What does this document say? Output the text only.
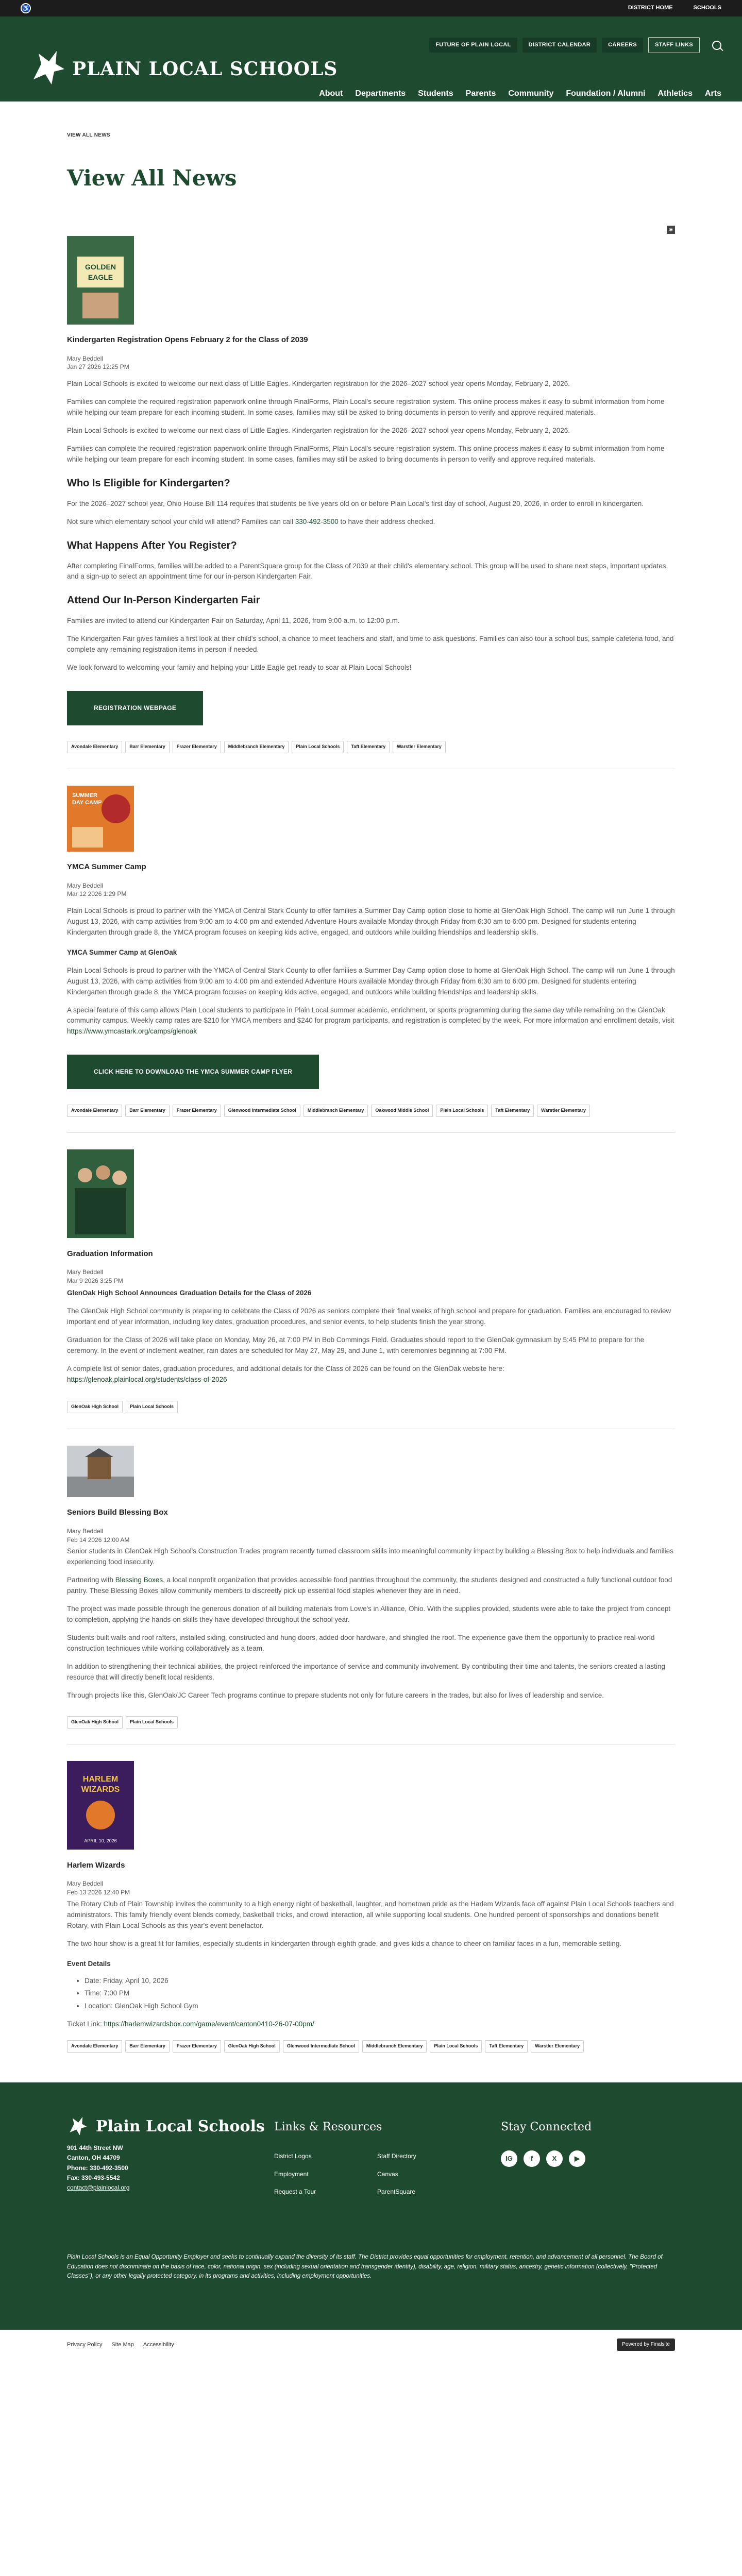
♿	DISTRICT HOME	SCHOOLS
FUTURE OF PLAIN LOCAL	DISTRICT CALENDAR	CAREERS	STAFF LINKS
PLAIN LOCAL SCHOOLS
About Departments Students Parents Community Foundation / Alumni Athletics Arts
VIEW ALL NEWS
View All News
◉
GOLDEN
EAGLE
Kindergarten Registration Opens February 2 for the Class of 2039
Mary Beddell
Jan 27 2026 12:25 PM

Plain Local Schools is excited to welcome our next class of Little Eagles. Kindergarten registration for the 2026–2027 school year opens Monday, February 2, 2026.

Families can complete the required registration paperwork online through FinalForms, Plain Local's secure registration system. This online process makes it easy to submit information from home while helping our team prepare for each incoming student. In some cases, families may still be asked to bring documents in person to verify and approve required materials.

Plain Local Schools is excited to welcome our next class of Little Eagles. Kindergarten registration for the 2026–2027 school year opens Monday, February 2, 2026.

Families can complete the required registration paperwork online through FinalForms, Plain Local's secure registration system. This online process makes it easy to submit information from home while helping our team prepare for each incoming student. In some cases, families may still be asked to bring documents in person to verify and approve required materials.

Who Is Eligible for Kindergarten?

For the 2026–2027 school year, Ohio House Bill 114 requires that students be five years old on or before Plain Local's first day of school, August 20, 2026, in order to enroll in kindergarten.

Not sure which elementary school your child will attend? Families can call 330-492-3500 to have their address checked.

What Happens After You Register?

After completing FinalForms, families will be added to a ParentSquare group for the Class of 2039 at their child's elementary school. This group will be used to share next steps, important updates, and a sign-up to select an appointment time for our in-person Kindergarten Fair.

Attend Our In-Person Kindergarten Fair

Families are invited to attend our Kindergarten Fair on Saturday, April 11, 2026, from 9:00 a.m. to 12:00 p.m.

The Kindergarten Fair gives families a first look at their child's school, a chance to meet teachers and staff, and time to ask questions. Families can also tour a school bus, sample cafeteria food, and complete any remaining registration items in person if needed.

We look forward to welcoming your family and helping your Little Eagle get ready to soar at Plain Local Schools!

REGISTRATION WEBPAGE
Avondale Elementary	Barr Elementary	Frazer Elementary	Middlebranch Elementary	Plain Local Schools	Taft Elementary	Warstler Elementary
SUMMER
DAY CAMP
YMCA Summer Camp
Mary Beddell
Mar 12 2026 1:29 PM

Plain Local Schools is proud to partner with the YMCA of Central Stark County to offer families a Summer Day Camp option close to home at GlenOak High School. The camp will run June 1 through August 13, 2026, with camp activities from 9:00 am to 4:00 pm and extended Adventure Hours available Monday through Friday from 6:30 am to 6:00 pm. Designed for students entering Kindergarten through grade 8, the YMCA program focuses on keeping kids active, engaged, and outdoors while building friendships and leadership skills.

YMCA Summer Camp at GlenOak

Plain Local Schools is proud to partner with the YMCA of Central Stark County to offer families a Summer Day Camp option close to home at GlenOak High School. The camp will run June 1 through August 13, 2026, with camp activities from 9:00 am to 4:00 pm and extended Adventure Hours available Monday through Friday from 6:30 am to 6:00 pm. Designed for students entering Kindergarten through grade 8, the YMCA program focuses on keeping kids active, engaged, and outdoors while building friendships and leadership skills.

A special feature of this camp allows Plain Local students to participate in Plain Local summer academic, enrichment, or sports programming during the same day while remaining on the GlenOak community campus. Weekly camp rates are $210 for YMCA members and $240 for program participants, and registration is completed by the week. For more information and enrollment details, visit https://www.ymcastark.org/camps/glenoak

CLICK HERE TO DOWNLOAD THE YMCA SUMMER CAMP FLYER
Avondale Elementary	Barr Elementary	Frazer Elementary	Glenwood Intermediate School	Middlebranch Elementary	Oakwood Middle School	Plain Local Schools	Taft Elementary	Warstler Elementary
Graduation Information
Mary Beddell
Mar 9 2026 3:25 PM
GlenOak High School Announces Graduation Details for the Class of 2026

The GlenOak High School community is preparing to celebrate the Class of 2026 as seniors complete their final weeks of high school and prepare for graduation. Families are encouraged to review important end of year information, including key dates, graduation procedures, and senior events, to help students finish the year strong.

Graduation for the Class of 2026 will take place on Monday, May 26, at 7:00 PM in Bob Commings Field. Graduates should report to the GlenOak gymnasium by 5:45 PM to prepare for the ceremony. In the event of inclement weather, rain dates are scheduled for May 27, May 29, and June 1, with ceremonies beginning at 7:00 PM.

A complete list of senior dates, graduation procedures, and additional details for the Class of 2026 can be found on the GlenOak website here:
https://glenoak.plainlocal.org/students/class-of-2026

GlenOak High School	Plain Local Schools
Seniors Build Blessing Box
Mary Beddell
Feb 14 2026 12:00 AM

Senior students in GlenOak High School's Construction Trades program recently turned classroom skills into meaningful community impact by building a Blessing Box to help individuals and families experiencing food insecurity.

Partnering with Blessing Boxes, a local nonprofit organization that provides accessible food pantries throughout the community, the students designed and constructed a fully functional outdoor food pantry. These Blessing Boxes allow community members to discreetly pick up essential food staples whenever they are in need.

The project was made possible through the generous donation of all building materials from Lowe's in Alliance, Ohio. With the supplies provided, students were able to take the project from concept to completion, applying the hands-on skills they have developed throughout the school year.

Students built walls and roof rafters, installed siding, constructed and hung doors, added door hardware, and shingled the roof. The experience gave them the opportunity to practice real-world construction techniques while working collaboratively as a team.

In addition to strengthening their technical abilities, the project reinforced the importance of service and community involvement. By contributing their time and talents, the seniors created a lasting resource that will directly benefit local residents.

Through projects like this, GlenOak/JC Career Tech programs continue to prepare students not only for future careers in the trades, but also for lives of leadership and service.

GlenOak High School	Plain Local Schools
HARLEM
WIZARDS
APRIL 10, 2026
Harlem Wizards
Mary Beddell
Feb 13 2026 12:40 PM

The Rotary Club of Plain Township invites the community to a high energy night of basketball, laughter, and hometown pride as the Harlem Wizards face off against Plain Local Schools teachers and administrators. This family friendly event blends comedy, basketball tricks, and crowd interaction, all while supporting local students. One hundred percent of sponsorships and donations benefit Rotary, with Plain Local Schools as this year's event benefactor.

The two hour show is a great fit for families, especially students in kindergarten through eighth grade, and gives kids a chance to cheer on familiar faces in a fun, memorable setting.

Event Details
• Date: Friday, April 10, 2026
• Time: 7:00 PM
• Location: GlenOak High School Gym

Ticket Link: https://harlemwizardsbox.com/game/event/canton0410-26-07-00pm/

Avondale Elementary	Barr Elementary	Frazer Elementary	GlenOak High School	Glenwood Intermediate School	Middlebranch Elementary	Plain Local Schools	Taft Elementary	Warstler Elementary
Plain Local Schools
901 44th Street NW
Canton, OH 44709
Phone: 330-492-3500
Fax: 330-493-5542
contact@plainlocal.org
Links & Resources
District Logos	Staff Directory
Employment	Canvas
Request a Tour	ParentSquare
Stay Connected
IG	f	X	▶
Plain Local Schools is an Equal Opportunity Employer and seeks to continually expand the diversity of its staff. The District provides equal opportunities for employment, retention, and advancement of all personnel. The Board of Education does not discriminate on the basis of race, color, national origin, sex (including sexual orientation and transgender identity), disability, age, religion, military status, ancestry, genetic information (collectively, "Protected Classes"), or any other legally protected category, in its programs and activities, including employment opportunities.
Privacy Policy Site Map Accessibility	Powered by Finalsite
